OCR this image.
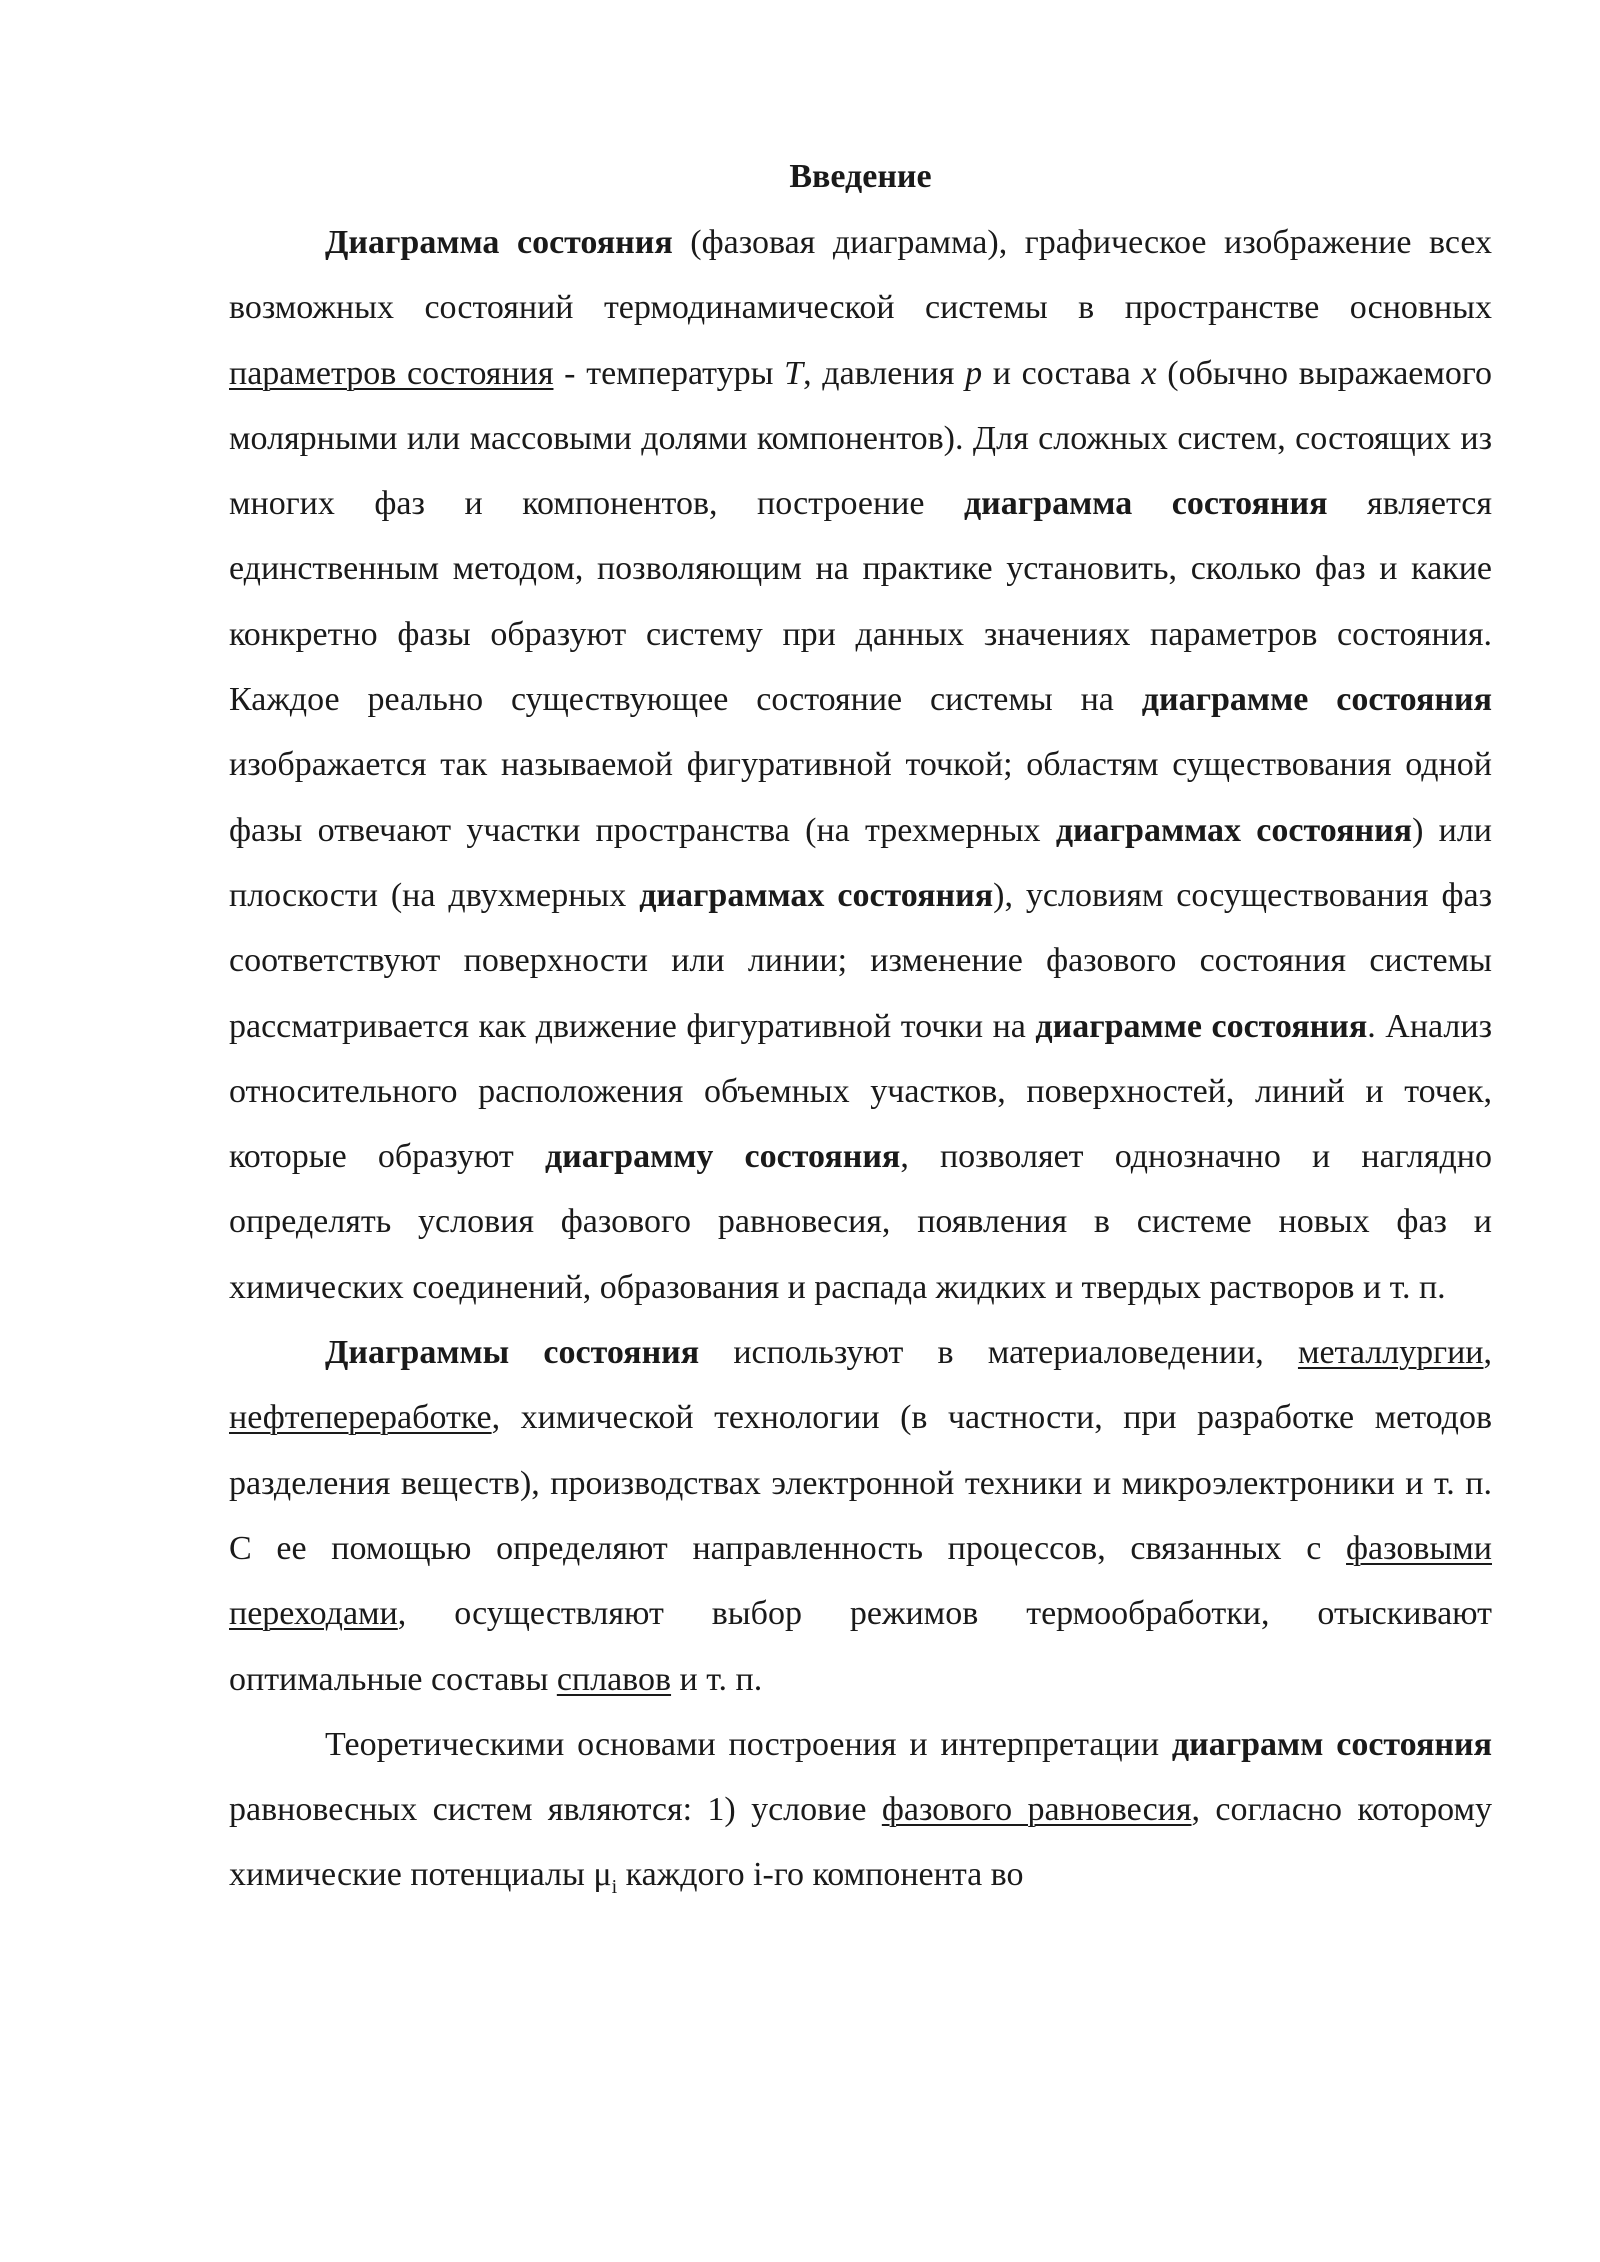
Введение

Диаграмма состояния (фазовая диаграмма), графическое изображение всех возможных состояний термодинамической системы в пространстве основных параметров состояния - температуры T, давления p и состава x (обычно выражаемого молярными или массовыми долями компонентов). Для сложных систем, состоящих из многих фаз и компонентов, построение диаграмма состояния является единственным методом, позволяющим на практике установить, сколько фаз и какие конкретно фазы образуют систему при данных значениях параметров состояния. Каждое реально существующее состояние системы на диаграмме состояния изображается так называемой фигуративной точкой; областям существования одной фазы отвечают участки пространства (на трехмерных диаграммах состояния) или плоскости (на двухмерных диаграммах состояния), условиям сосуществования фаз соответствуют поверхности или линии; изменение фазового состояния системы рассматривается как движение фигуративной точки на диаграмме состояния. Анализ относительного расположения объемных участков, поверхностей, линий и точек, которые образуют диаграмму состояния, позволяет однозначно и наглядно определять условия фазового равновесия, появления в системе новых фаз и химических соединений, образования и распада жидких и твердых растворов и т. п.

Диаграммы состояния используют в материаловедении, металлургии, нефтепереработке, химической технологии (в частности, при разработке методов разделения веществ), производствах электронной техники и микроэлектроники и т. п. С ее помощью определяют направленность процессов, связанных с фазовыми переходами, осуществляют выбор режимов термообработки, отыскивают оптимальные составы сплавов и т. п.

Теоретическими основами построения и интерпретации диаграмм состояния равновесных систем являются: 1) условие фазового равновесия, согласно которому химические потенциалы $\mu_i$ каждого i-го компонента во
